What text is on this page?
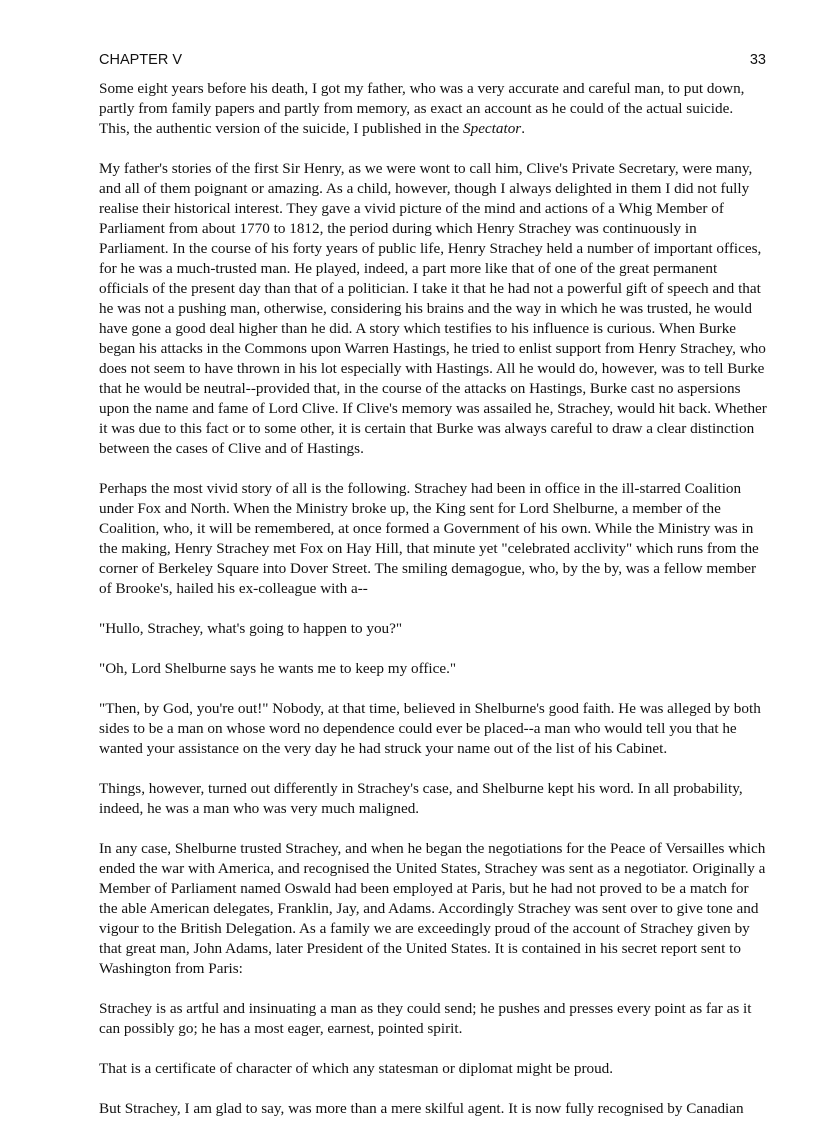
CHAPTER V	33

Some eight years before his death, I got my father, who was a very accurate and careful man, to put down, partly from family papers and partly from memory, as exact an account as he could of the actual suicide. This, the authentic version of the suicide, I published in the Spectator.

My father's stories of the first Sir Henry, as we were wont to call him, Clive's Private Secretary, were many, and all of them poignant or amazing. As a child, however, though I always delighted in them I did not fully realise their historical interest. They gave a vivid picture of the mind and actions of a Whig Member of Parliament from about 1770 to 1812, the period during which Henry Strachey was continuously in Parliament. In the course of his forty years of public life, Henry Strachey held a number of important offices, for he was a much-trusted man. He played, indeed, a part more like that of one of the great permanent officials of the present day than that of a politician. I take it that he had not a powerful gift of speech and that he was not a pushing man, otherwise, considering his brains and the way in which he was trusted, he would have gone a good deal higher than he did. A story which testifies to his influence is curious. When Burke began his attacks in the Commons upon Warren Hastings, he tried to enlist support from Henry Strachey, who does not seem to have thrown in his lot especially with Hastings. All he would do, however, was to tell Burke that he would be neutral--provided that, in the course of the attacks on Hastings, Burke cast no aspersions upon the name and fame of Lord Clive. If Clive's memory was assailed he, Strachey, would hit back. Whether it was due to this fact or to some other, it is certain that Burke was always careful to draw a clear distinction between the cases of Clive and of Hastings.

Perhaps the most vivid story of all is the following. Strachey had been in office in the ill-starred Coalition under Fox and North. When the Ministry broke up, the King sent for Lord Shelburne, a member of the Coalition, who, it will be remembered, at once formed a Government of his own. While the Ministry was in the making, Henry Strachey met Fox on Hay Hill, that minute yet "celebrated acclivity" which runs from the corner of Berkeley Square into Dover Street. The smiling demagogue, who, by the by, was a fellow member of Brooke's, hailed his ex-colleague with a--

"Hullo, Strachey, what's going to happen to you?"

"Oh, Lord Shelburne says he wants me to keep my office."

"Then, by God, you're out!" Nobody, at that time, believed in Shelburne's good faith. He was alleged by both sides to be a man on whose word no dependence could ever be placed--a man who would tell you that he wanted your assistance on the very day he had struck your name out of the list of his Cabinet.

Things, however, turned out differently in Strachey's case, and Shelburne kept his word. In all probability, indeed, he was a man who was very much maligned.

In any case, Shelburne trusted Strachey, and when he began the negotiations for the Peace of Versailles which ended the war with America, and recognised the United States, Strachey was sent as a negotiator. Originally a Member of Parliament named Oswald had been employed at Paris, but he had not proved to be a match for the able American delegates, Franklin, Jay, and Adams. Accordingly Strachey was sent over to give tone and vigour to the British Delegation. As a family we are exceedingly proud of the account of Strachey given by that great man, John Adams, later President of the United States. It is contained in his secret report sent to Washington from Paris:

Strachey is as artful and insinuating a man as they could send; he pushes and presses every point as far as it can possibly go; he has a most eager, earnest, pointed spirit.

That is a certificate of character of which any statesman or diplomat might be proud.

But Strachey, I am glad to say, was more than a mere skilful agent. It is now fully recognised by Canadian
